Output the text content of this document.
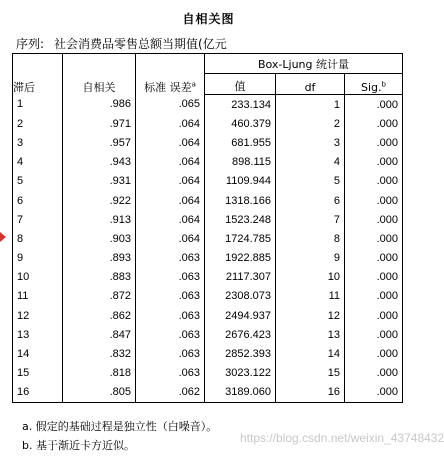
自相关图
序列: 社会消费品零售总额当期值(亿元
滞后	自相关	标准 误差$^a$	Box-Ljung 统计量		
			值	df	Sig.$^b$
1	.986	.065	233.134	1	.000
2	.971	.064	460.379	2	.000
3	.957	.064	681.955	3	.000
4	.943	.064	898.115	4	.000
5	.931	.064	1109.944	5	.000
6	.922	.064	1318.166	6	.000
7	.913	.064	1523.248	7	.000
8	.903	.064	1724.785	8	.000
9	.893	.063	1922.885	9	.000
10	.883	.063	2117.307	10	.000
11	.872	.063	2308.073	11	.000
12	.862	.063	2494.937	12	.000
13	.847	.063	2676.423	13	.000
14	.832	.063	2852.393	14	.000
15	.818	.063	3023.122	15	.000
16	.805	.062	3189.060	16	.000
a. 假定的基础过程是独立性（白噪音）。
b. 基于渐近卡方近似。
https://blog.csdn.net/weixin_43748432
